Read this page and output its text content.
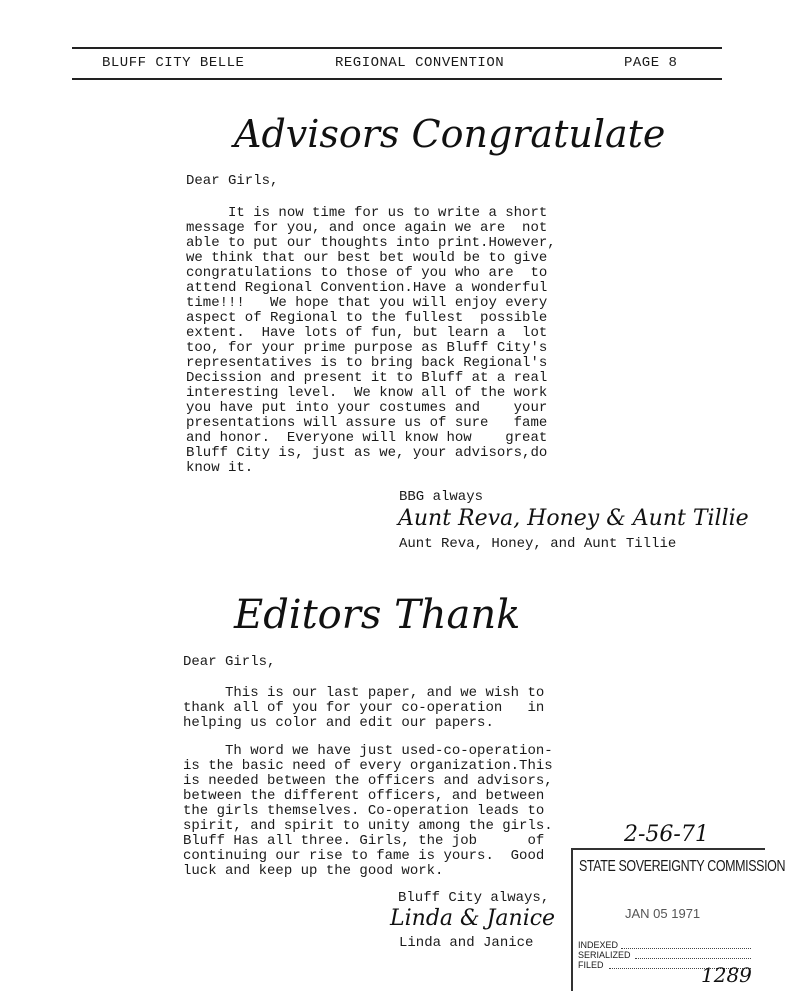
BLUFF CITY BELLE	REGIONAL CONVENTION	PAGE 8
Advisors Congratulate
Dear Girls,
It is now time for us to write a short
message for you, and once again we are  not
able to put our thoughts into print.However,
we think that our best bet would be to give
congratulations to those of you who are  to
attend Regional Convention.Have a wonderful
time!!!   We hope that you will enjoy every
aspect of Regional to the fullest  possible
extent.  Have lots of fun, but learn a  lot
too, for your prime purpose as Bluff City's
representatives is to bring back Regional's
Decission and present it to Bluff at a real
interesting level.  We know all of the work
you have put into your costumes and    your
presentations will assure us of sure   fame
and honor.  Everyone will know how    great
Bluff City is, just as we, your advisors,do
know it.
BBG always
Aunt Reva, Honey & Aunt Tillie
Aunt Reva, Honey, and Aunt Tillie
Editors Thank
Dear Girls,
This is our last paper, and we wish to
thank all of you for your co-operation   in
helping us color and edit our papers.
Th word we have just used-co-operation-
is the basic need of every organization.This
is needed between the officers and advisors,
between the different officers, and between
the girls themselves. Co-operation leads to
spirit, and spirit to unity among the girls.
Bluff Has all three. Girls, the job      of
continuing our rise to fame is yours.  Good
luck and keep up the good work.
Bluff City always,
Linda & Janice
Linda and Janice
2-56-71
STATE SOVEREIGNTY COMMISSION
JAN 05 1971
INDEXED
SERIALIZED
FILED	1289
